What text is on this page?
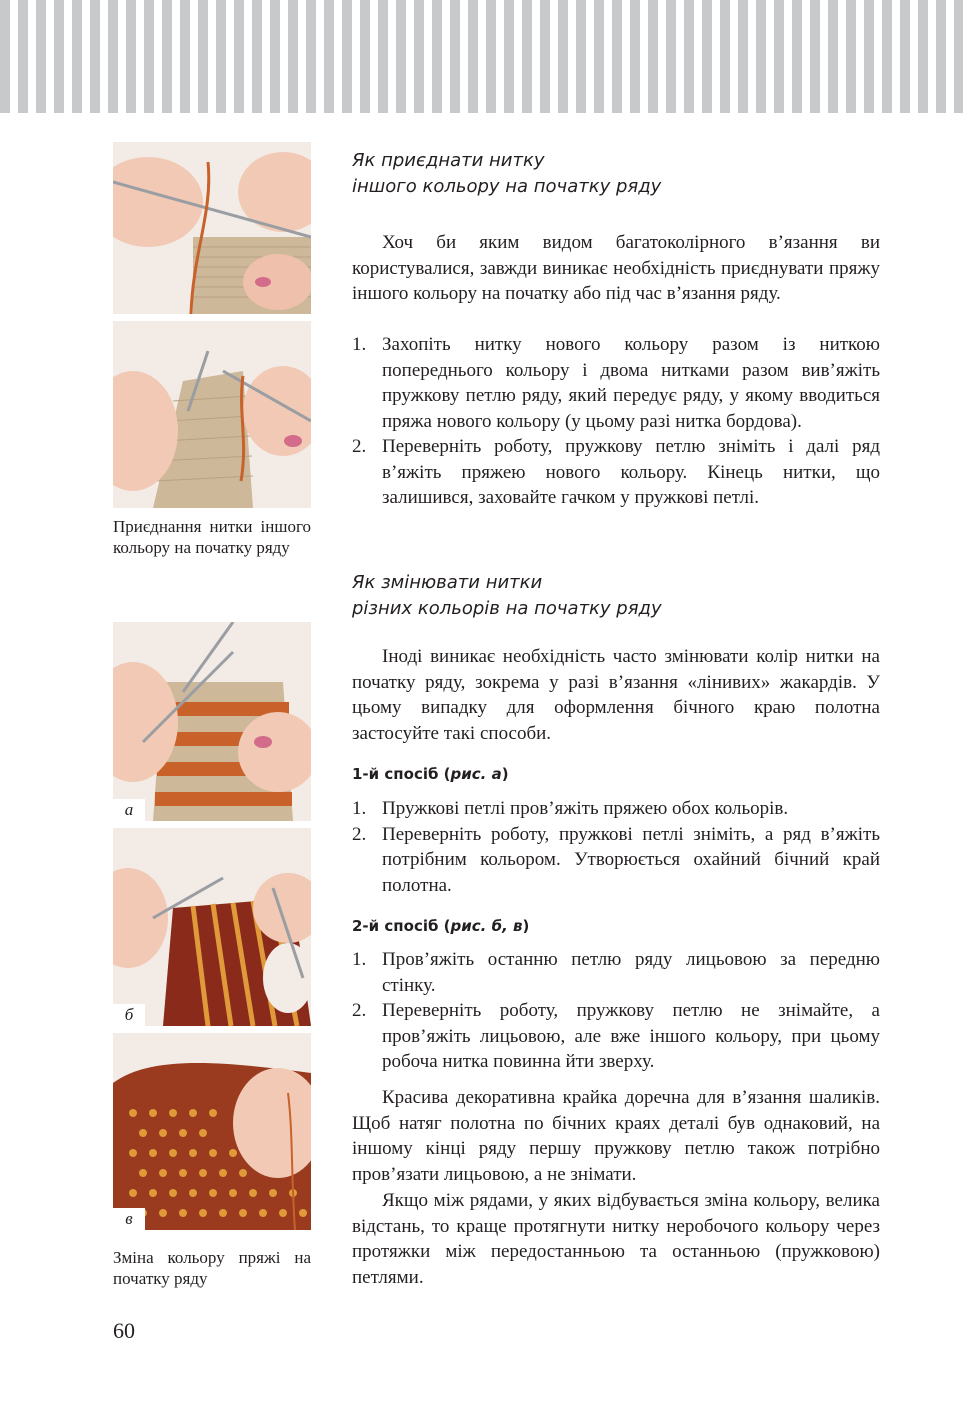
Приєднання нитки іншого кольору на початку ряду
а
б
в
Зміна кольору пряжі на початку ряду
Як приєднати нитку
іншого кольору на початку ряду

Хоч би яким видом багатоколірного в’язання ви користувалися, завжди виникає необхідність приєднувати пряжу іншого кольору на початку або під час в’язання ряду.

1. Захопіть нитку нового кольору разом із ниткою попереднього кольору і двома нитками разом вив’яжіть пружкову петлю ряду, який передує ряду, у якому вводиться пряжа нового кольору (у цьому разі нитка бордова).
2. Переверніть роботу, пружкову петлю зніміть і далі ряд в’яжіть пряжею нового кольору. Кінець нитки, що залишився, заховайте гачком у пружкові петлі.
Як змінювати нитки
різних кольорів на початку ряду

Іноді виникає необхідність часто змінювати колір нитки на початку ряду, зокрема у разі в’язання «лінивих» жакардів. У цьому випадку для оформлення бічного краю полотна застосуйте такі способи.

1-й спосіб (рис. а)
1. Пружкові петлі пров’яжіть пряжею обох кольорів.
2. Переверніть роботу, пружкові петлі зніміть, а ряд в’яжіть потрібним кольором. Утворюється охайний бічний край полотна.
2-й спосіб (рис. б, в)
1. Пров’яжіть останню петлю ряду лицьовою за передню стінку.
2. Переверніть роботу, пружкову петлю не знімайте, а пров’яжіть лицьовою, але вже іншого кольору, при цьому робоча нитка повинна йти зверху.

Красива декоративна крайка доречна для в’язання шаликів. Щоб натяг полотна по бічних краях деталі був однаковий, на іншому кінці ряду першу пружкову петлю також потрібно пров’язати лицьовою, а не знімати.

Якщо між рядами, у яких відбувається зміна кольору, велика відстань, то краще протягнути нитку неробочого кольору через протяжки між передостанньою та останньою (пружковою) петлями.

60
